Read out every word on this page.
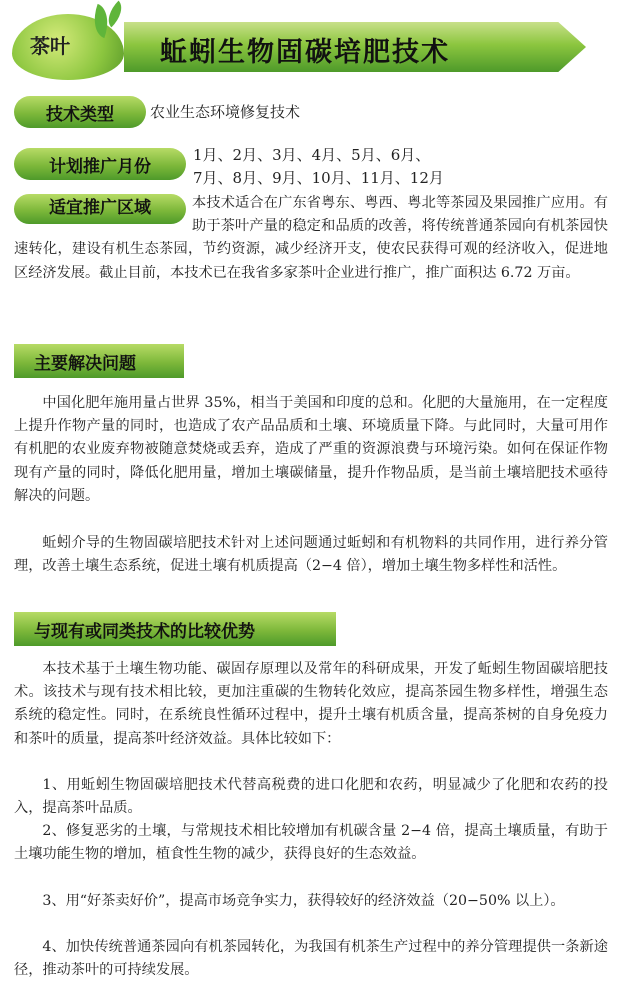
茶叶	蚯蚓生物固碳培肥技术
技术类型 农业生态环境修复技术
计划推广月份
1月、2月、3月、4月、5月、6月、
7月、8月、9月、10月、11月、12月
适宜推广区域	本技术适合在广东省粤东、粤西、粤北等茶园及果园推广应用。有助于茶叶产量的稳定和品质的改善，将传统普通茶园向有机茶园快速转化，建设有机生态茶园，节约资源，减少经济开支，使农民获得可观的经济收入，促进地区经济发展。截止目前，本技术已在我省多家茶叶企业进行推广，推广面积达 6.72 万亩。
主要解决问题

中国化肥年施用量占世界 35%，相当于美国和印度的总和。化肥的大量施用，在一定程度上提升作物产量的同时，也造成了农产品品质和土壤、环境质量下降。与此同时，大量可用作有机肥的农业废弃物被随意焚烧或丢弃，造成了严重的资源浪费与环境污染。如何在保证作物现有产量的同时，降低化肥用量，增加土壤碳储量，提升作物品质，是当前土壤培肥技术亟待解决的问题。

蚯蚓介导的生物固碳培肥技术针对上述问题通过蚯蚓和有机物料的共同作用，进行养分管理，改善土壤生态系统，促进土壤有机质提高（2−4 倍），增加土壤生物多样性和活性。

与现有或同类技术的比较优势

本技术基于土壤生物功能、碳固存原理以及常年的科研成果，开发了蚯蚓生物固碳培肥技术。该技术与现有技术相比较，更加注重碳的生物转化效应，提高茶园生物多样性，增强生态系统的稳定性。同时，在系统良性循环过程中，提升土壤有机质含量，提高茶树的自身免疫力和茶叶的质量，提高茶叶经济效益。具体比较如下：

1、用蚯蚓生物固碳培肥技术代替高税费的进口化肥和农药，明显减少了化肥和农药的投入，提高茶叶品质。

2、修复恶劣的土壤，与常规技术相比较增加有机碳含量 2−4 倍，提高土壤质量，有助于土壤功能生物的增加，植食性生物的减少，获得良好的生态效益。

3、用“好茶卖好价”，提高市场竞争实力，获得较好的经济效益（20−50% 以上）。

4、加快传统普通茶园向有机茶园转化，为我国有机茶生产过程中的养分管理提供一条新途径，推动茶叶的可持续发展。
